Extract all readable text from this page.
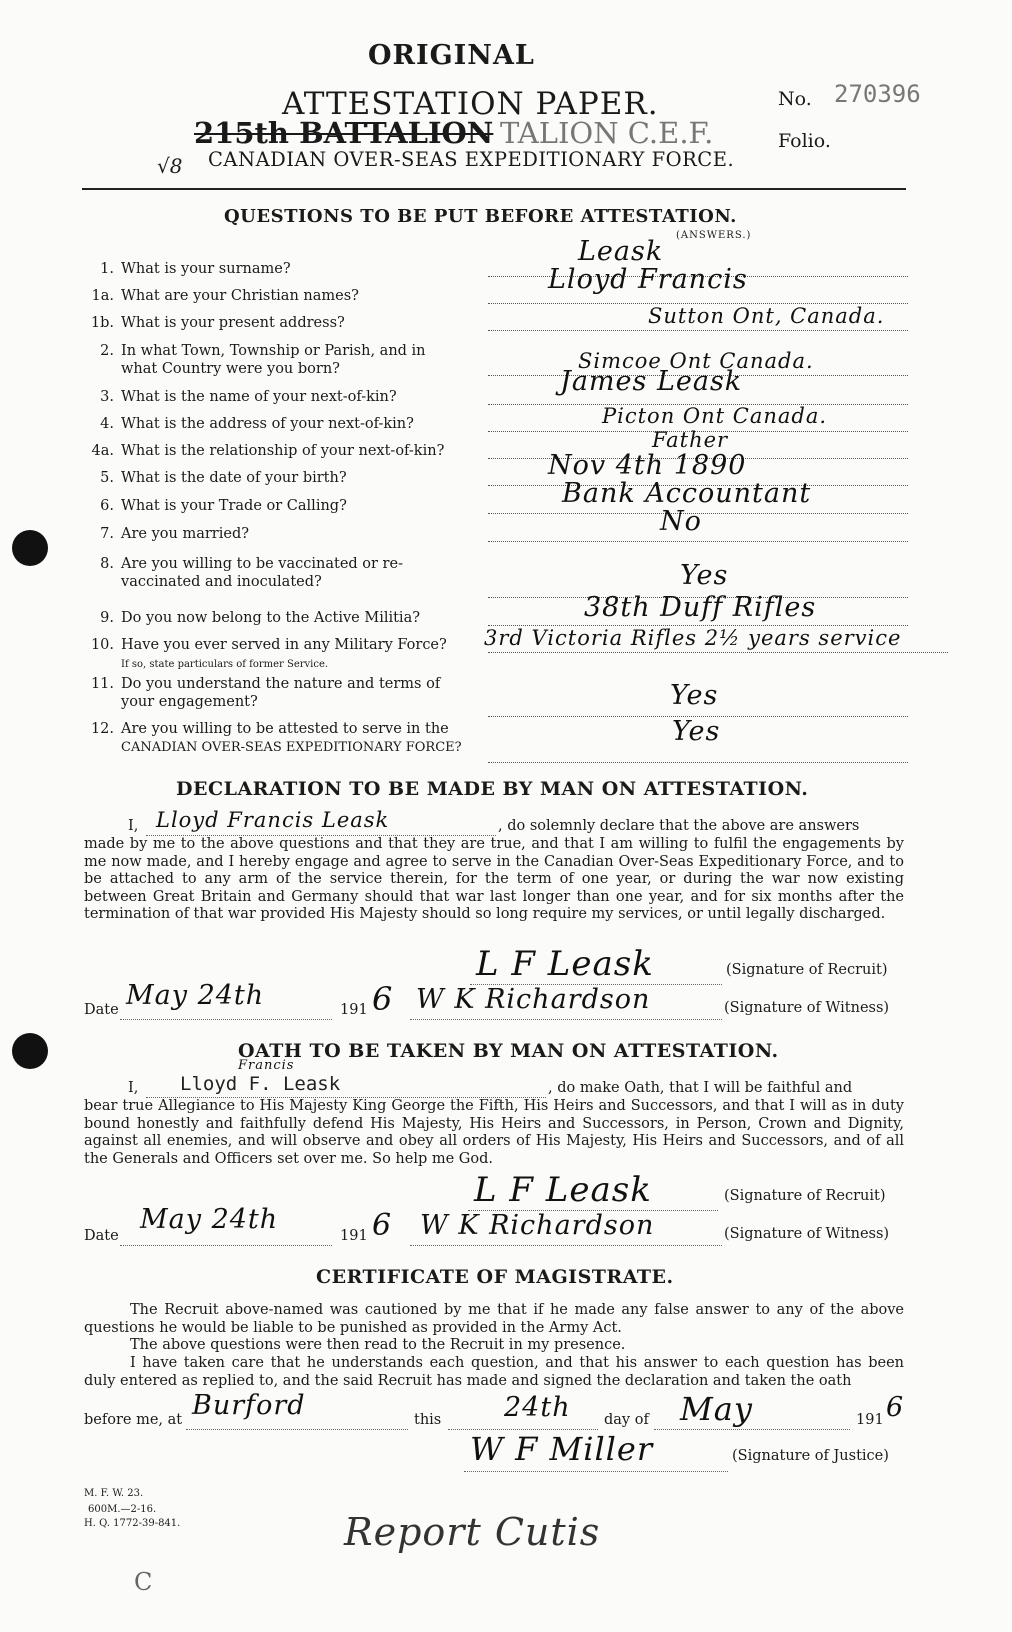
ORIGINAL
ATTESTATION PAPER.
215th BATTALION TALION C.E.F.
CANADIAN OVER-SEAS EXPEDITIONARY FORCE.
√8
No. 270396
Folio.
QUESTIONS TO BE PUT BEFORE ATTESTATION.
(ANSWERS.)
1. What is your surname?
Leask
1a. What are your Christian names?
Lloyd Francis
1b. What is your present address?	Sutton Ont, Canada.
2. In what Town, Township or Parish, and in
what Country were you born?	Simcoe Ont Canada.
3. What is the name of your next-of-kin?	James Leask
4. What is the address of your next-of-kin?	Picton Ont Canada.
4a. What is the relationship of your next-of-kin?	Father
5. What is the date of your birth?	Nov 4th 1890
6. What is your Trade or Calling?	Bank Accountant
7. Are you married?	No
8. Are you willing to be vaccinated or re-
vaccinated and inoculated?	Yes
9. Do you now belong to the Active Militia?	38th Duff Rifles
10. Have you ever served in any Military Force?
If so, state particulars of former Service.
3rd Victoria Rifles 2½ years service
11. Do you understand the nature and terms of
your engagement?	Yes
12. Are you willing to be attested to serve in the
CANADIAN OVER-SEAS EXPEDITIONARY FORCE?
Yes
DECLARATION TO BE MADE BY MAN ON ATTESTATION.
I, Lloyd Francis Leask	, do solemnly declare that the above are answers
made by me to the above questions and that they are true, and that I am willing to fulfil the engagements by me now made, and I hereby engage and agree to serve in the Canadian Over-Seas Expeditionary Force, and to be attached to any arm of the service therein, for the term of one year, or during the war now existing between Great Britain and Germany should that war last longer than one year, and for six months after the termination of that war provided His Majesty should so long require my services, or until legally discharged.
L F Leask	(Signature of Recruit)
Date May 24th	191 6 W K Richardson	(Signature of Witness)
OATH TO BE TAKEN BY MAN ON ATTESTATION.
I, Lloyd F. Leask
Francis
, do make Oath, that I will be faithful and
bear true Allegiance to His Majesty King George the Fifth, His Heirs and Successors, and that I will as in duty bound honestly and faithfully defend His Majesty, His Heirs and Successors, in Person, Crown and Dignity, against all enemies, and will observe and obey all orders of His Majesty, His Heirs and Successors, and of all the Generals and Officers set over me. So help me God.
L F Leask	(Signature of Recruit)
Date
May 24th
191 6 W K Richardson	(Signature of Witness)
CERTIFICATE OF MAGISTRATE.
The Recruit above-named was cautioned by me that if he made any false answer to any of the above questions he would be liable to be punished as provided in the Army Act.
The above questions were then read to the Recruit in my presence.
I have taken care that he understands each question, and that his answer to each question has been duly entered as replied to, and the said Recruit has made and signed the declaration and taken the oath
before me, at Burford	this 24th day of May	191 6
W F Miller	(Signature of Justice)
M. F. W. 23.
600M.—2-16.
H. Q. 1772-39-841.	Report Cutis
C
